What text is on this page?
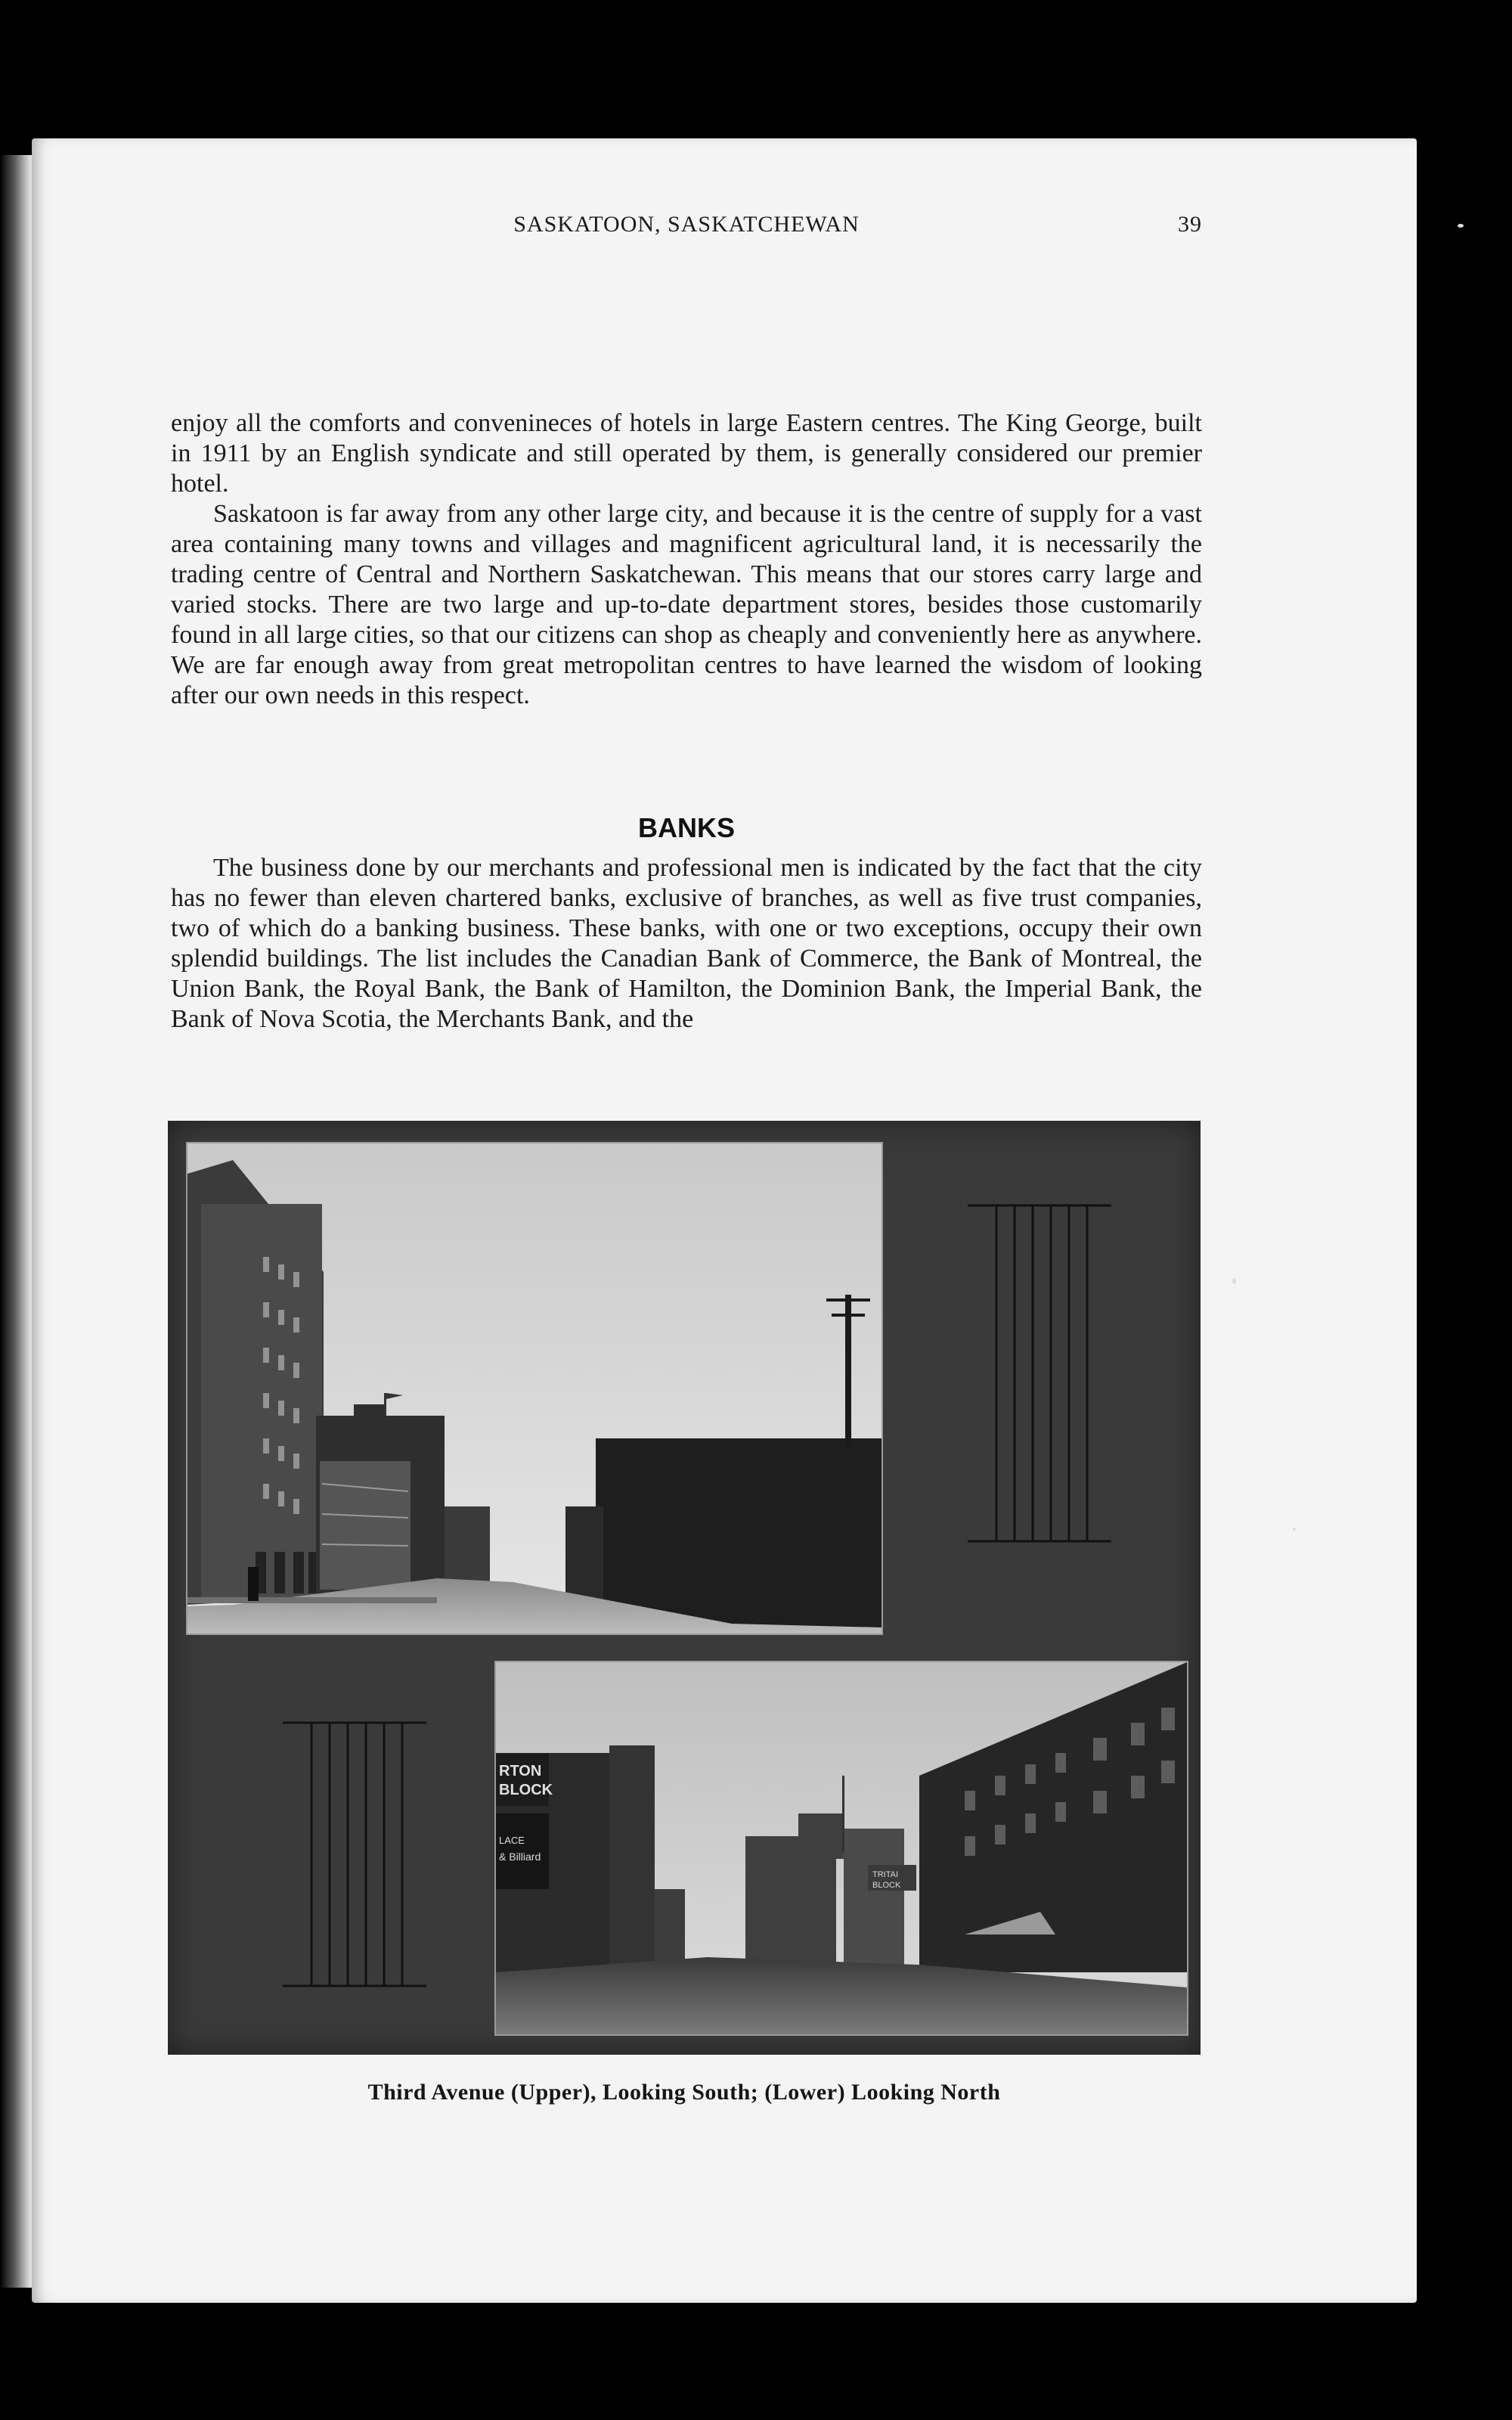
SASKATOON, SASKATCHEWAN	39

enjoy all the comforts and convenineces of hotels in large Eastern centres. The King George, built in 1911 by an English syndicate and still operated by them, is generally considered our premier hotel.

Saskatoon is far away from any other large city, and because it is the centre of supply for a vast area containing many towns and villages and magnificent agricultural land, it is necessarily the trading centre of Central and Northern Saskatchewan. This means that our stores carry large and varied stocks. There are two large and up-to-date department stores, besides those customarily found in all large cities, so that our citizens can shop as cheaply and conveniently here as anywhere. We are far enough away from great metropolitan centres to have learned the wisdom of looking after our own needs in this respect.

BANKS

The business done by our merchants and professional men is indicated by the fact that the city has no fewer than eleven chartered banks, exclusive of branches, as well as five trust companies, two of which do a banking business. These banks, with one or two exceptions, occupy their own splendid buildings. The list includes the Canadian Bank of Commerce, the Bank of Montreal, the Union Bank, the Royal Bank, the Bank of Hamilton, the Dominion Bank, the Imperial Bank, the Bank of Nova Scotia, the Merchants Bank, and the

RTON
BLOCK
LACE
& Billiard
TRITAI
BLOCK
Third Avenue (Upper), Looking South; (Lower) Looking North
